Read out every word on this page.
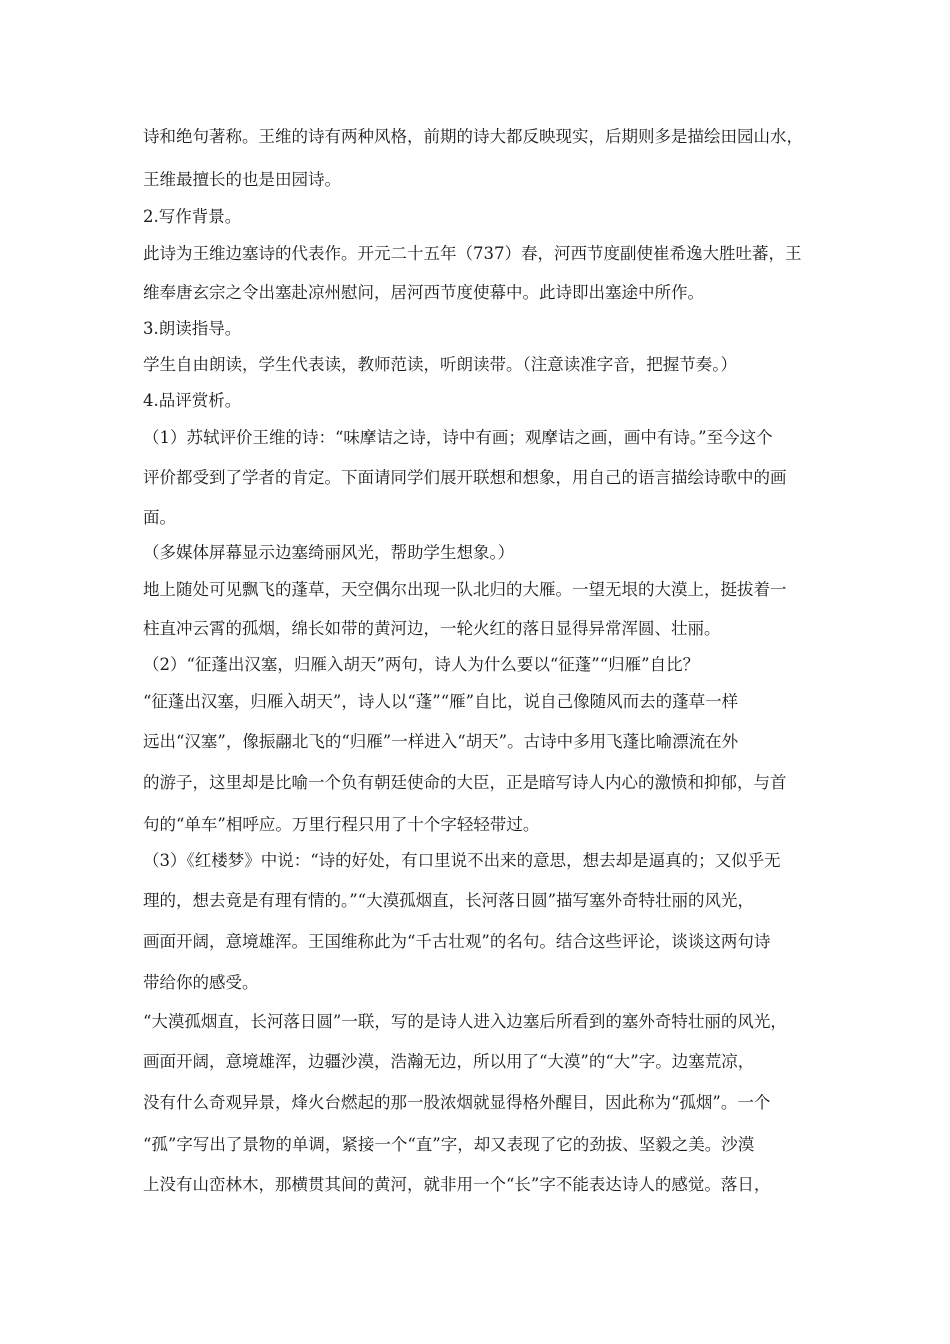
诗和绝句著称。王维的诗有两种风格，前期的诗大都反映现实，后期则多是描绘田园山水，
王维最擅长的也是田园诗。
2.写作背景。
此诗为王维边塞诗的代表作。开元二十五年（737）春，河西节度副使崔希逸大胜吐蕃，王
维奉唐玄宗之令出塞赴凉州慰问，居河西节度使幕中。此诗即出塞途中所作。
3.朗读指导。
学生自由朗读，学生代表读，教师范读，听朗读带。（注意读准字音，把握节奏。）
4.品评赏析。
（1）苏轼评价王维的诗：“味摩诘之诗，诗中有画；观摩诘之画，画中有诗。”至今这个
评价都受到了学者的肯定。下面请同学们展开联想和想象，用自己的语言描绘诗歌中的画
面。
（多媒体屏幕显示边塞绮丽风光，帮助学生想象。）
地上随处可见飘飞的蓬草，天空偶尔出现一队北归的大雁。一望无垠的大漠上，挺拔着一
柱直冲云霄的孤烟，绵长如带的黄河边，一轮火红的落日显得异常浑圆、壮丽。
（2）“征蓬出汉塞，归雁入胡天”两句，诗人为什么要以“征蓬”“归雁”自比？
“征蓬出汉塞，归雁入胡天”，诗人以“蓬”“雁”自比，说自己像随风而去的蓬草一样
远出“汉塞”，像振翮北飞的“归雁”一样进入“胡天”。古诗中多用飞蓬比喻漂流在外
的游子，这里却是比喻一个负有朝廷使命的大臣，正是暗写诗人内心的激愤和抑郁，与首
句的“单车”相呼应。万里行程只用了十个字轻轻带过。
（3）《红楼梦》中说：“诗的好处，有口里说不出来的意思，想去却是逼真的；又似乎无
理的，想去竟是有理有情的。”“大漠孤烟直，长河落日圆”描写塞外奇特壮丽的风光，
画面开阔，意境雄浑。王国维称此为“千古壮观”的名句。结合这些评论，谈谈这两句诗
带给你的感受。
“大漠孤烟直，长河落日圆”一联，写的是诗人进入边塞后所看到的塞外奇特壮丽的风光，
画面开阔，意境雄浑，边疆沙漠，浩瀚无边，所以用了“大漠”的“大”字。边塞荒凉，
没有什么奇观异景，烽火台燃起的那一股浓烟就显得格外醒目，因此称为“孤烟”。一个
“孤”字写出了景物的单调，紧接一个“直”字，却又表现了它的劲拔、坚毅之美。沙漠
上没有山峦林木，那横贯其间的黄河，就非用一个“长”字不能表达诗人的感觉。落日，
